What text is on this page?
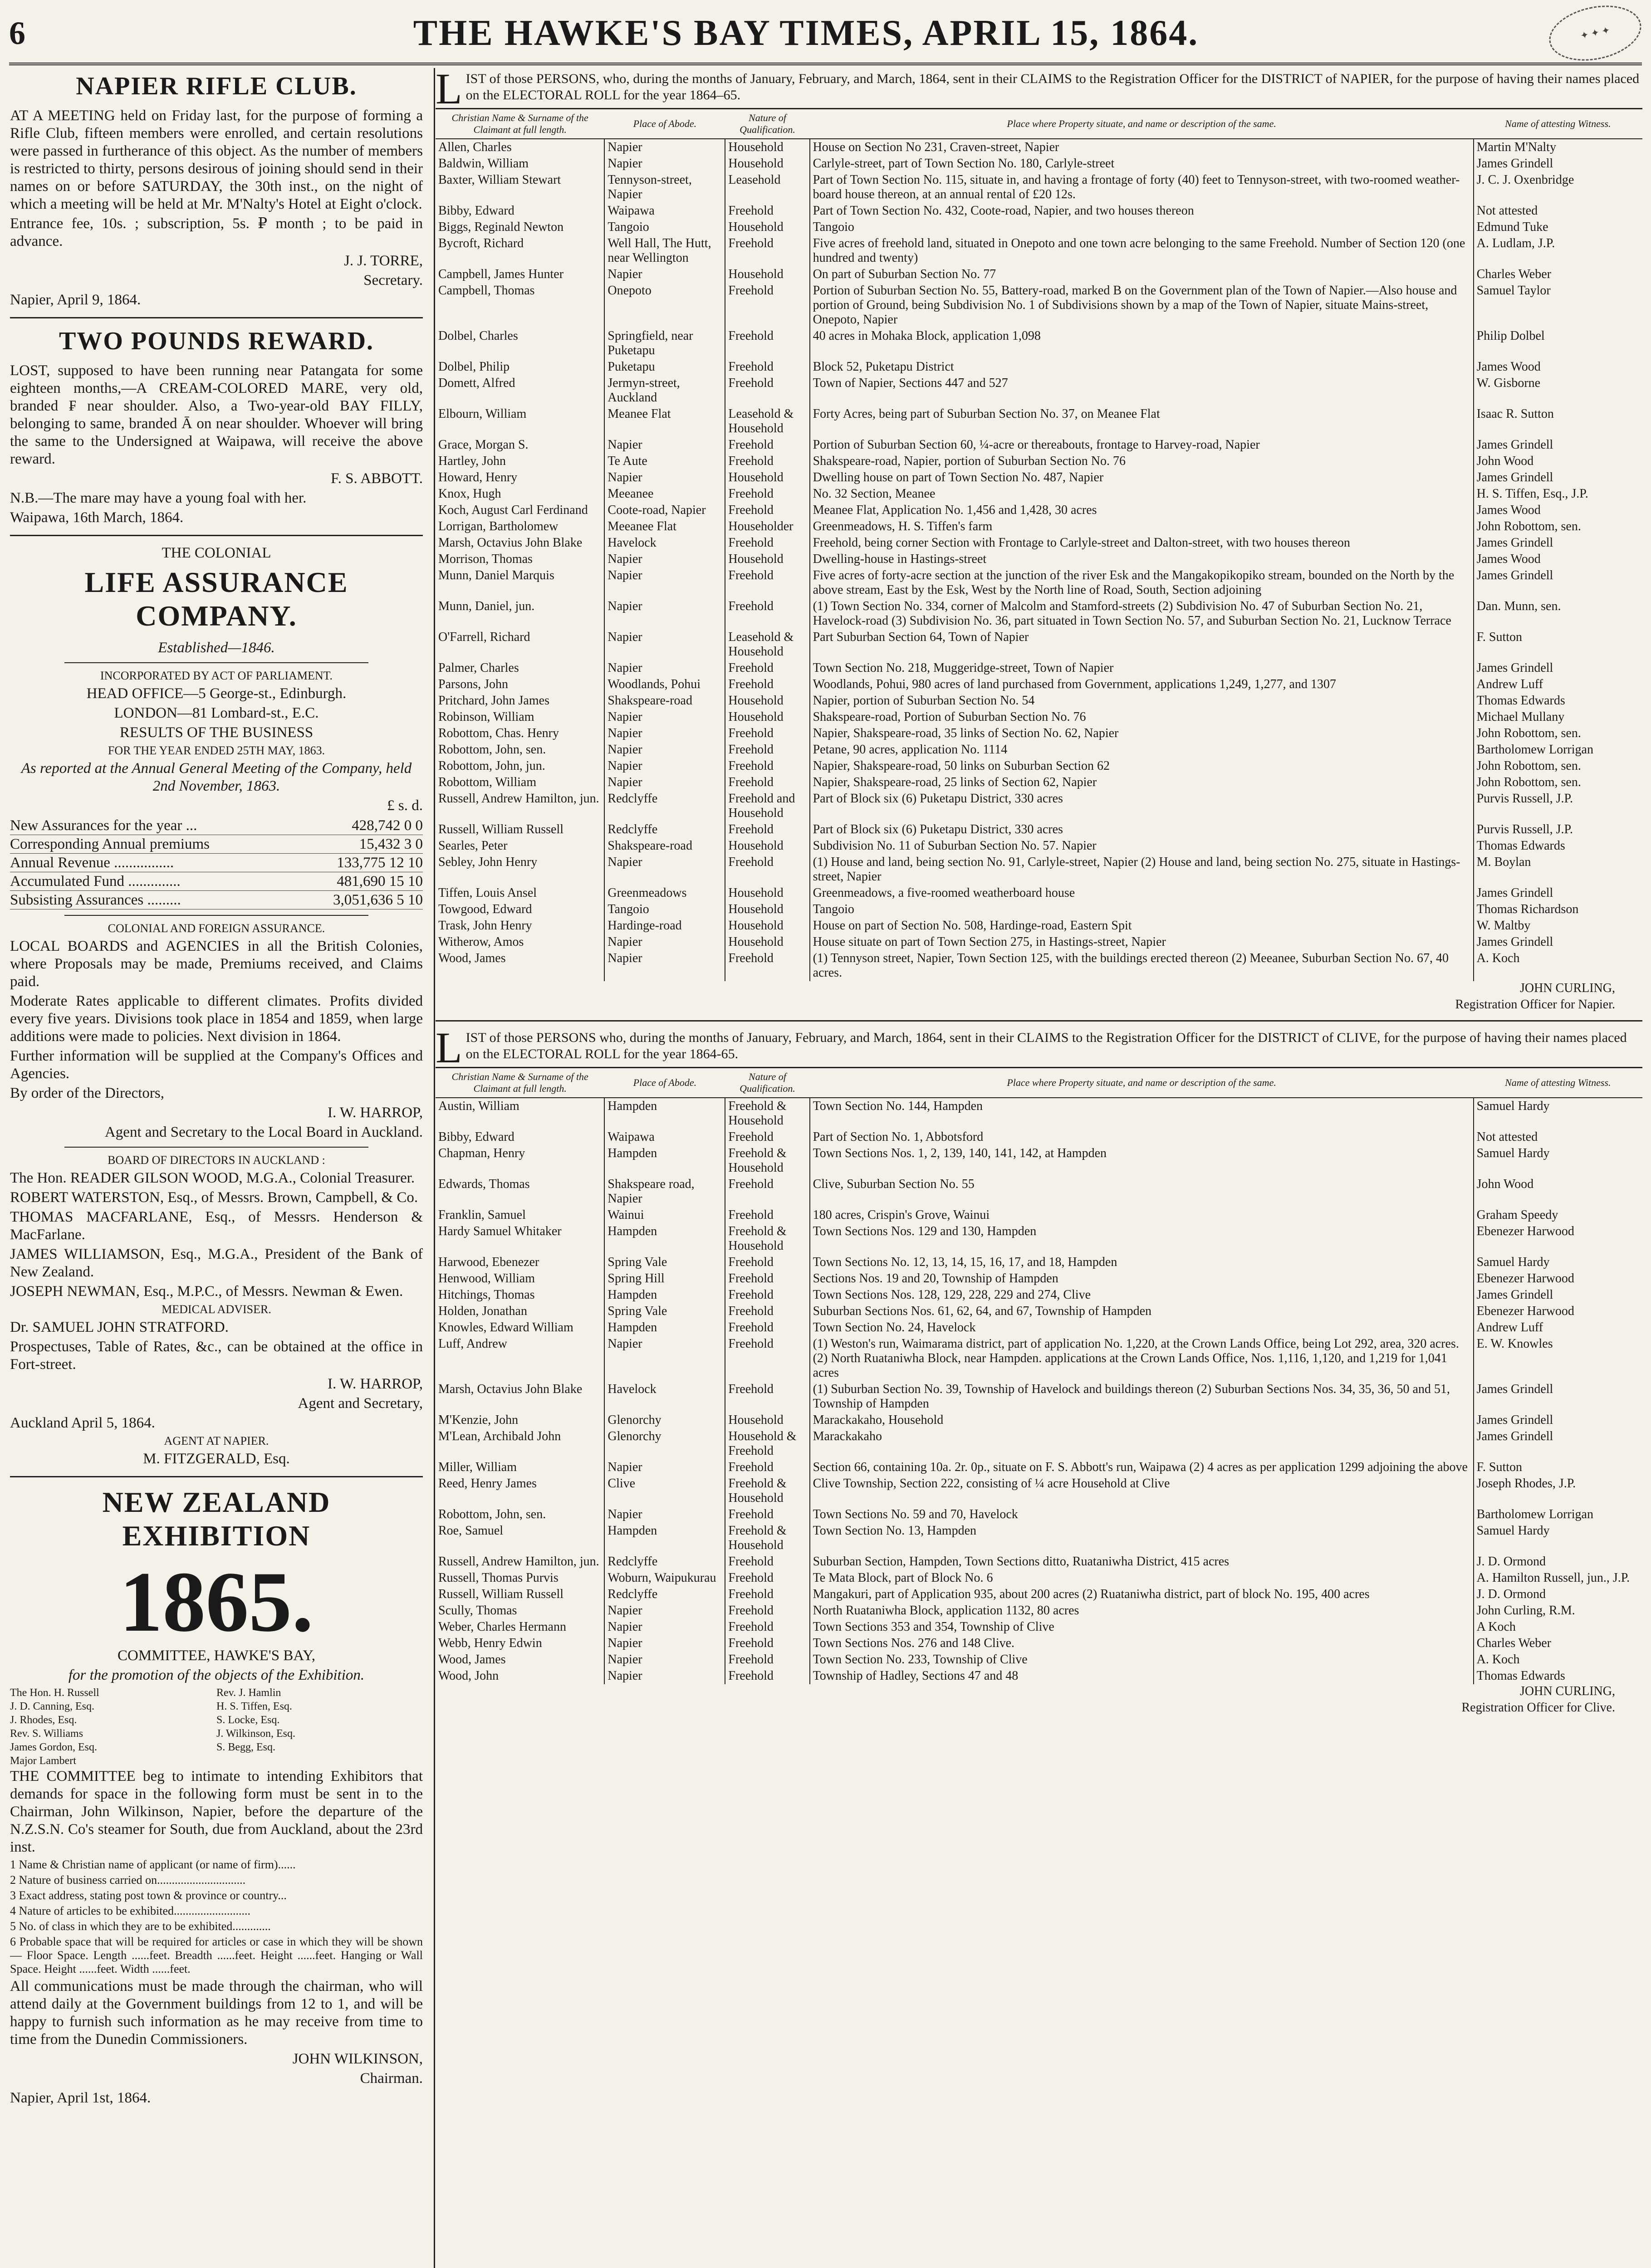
6	THE HAWKE'S BAY TIMES, APRIL 15, 1864.	✦ ✦ ✦
NAPIER RIFLE CLUB.

AT A MEETING held on Friday last, for the purpose of forming a Rifle Club, fifteen members were enrolled, and certain resolutions were passed in furtherance of this object. As the number of members is restricted to thirty, persons desirous of joining should send in their names on or before SATURDAY, the 30th inst., on the night of which a meeting will be held at Mr. M'Nalty's Hotel at Eight o'clock.

Entrance fee, 10s. ; subscription, 5s. ₽ month ; to be paid in advance.

J. J. TORRE,

Secretary.

Napier, April 9, 1864.

TWO POUNDS REWARD.

LOST, supposed to have been running near Patangata for some eighteen months,—A CREAM-COLORED MARE, very old, branded ₣ near shoulder. Also, a Two-year-old BAY FILLY, belonging to same, branded Ā on near shoulder. Whoever will bring the same to the Undersigned at Waipawa, will receive the above reward.

F. S. ABBOTT.

N.B.—The mare may have a young foal with her.

Waipawa, 16th March, 1864.

THE COLONIAL

LIFE ASSURANCE COMPANY.

Established—1846.

INCORPORATED BY ACT OF PARLIAMENT.

HEAD OFFICE—5 George-st., Edinburgh.

LONDON—81 Lombard-st., E.C.

RESULTS OF THE BUSINESS

FOR THE YEAR ENDED 25TH MAY, 1863.

As reported at the Annual General Meeting of the Company, held 2nd November, 1863.

£ s. d.

New Assurances for the year ...	428,742 0 0
Corresponding Annual premiums	15,432 3 0
Annual Revenue ................	133,775 12 10
Accumulated Fund ..............	481,690 15 10
Subsisting Assurances .........	3,051,636 5 10

COLONIAL AND FOREIGN ASSURANCE.

LOCAL BOARDS and AGENCIES in all the British Colonies, where Proposals may be made, Premiums received, and Claims paid.

Moderate Rates applicable to different climates. Profits divided every five years. Divisions took place in 1854 and 1859, when large additions were made to policies. Next division in 1864.

Further information will be supplied at the Company's Offices and Agencies.

By order of the Directors,

I. W. HARROP,

Agent and Secretary to the Local Board in Auckland.

BOARD OF DIRECTORS IN AUCKLAND :

The Hon. READER GILSON WOOD, M.G.A., Colonial Treasurer.

ROBERT WATERSTON, Esq., of Messrs. Brown, Campbell, & Co.

THOMAS MACFARLANE, Esq., of Messrs. Henderson & MacFarlane.

JAMES WILLIAMSON, Esq., M.G.A., President of the Bank of New Zealand.

JOSEPH NEWMAN, Esq., M.P.C., of Messrs. Newman & Ewen.

MEDICAL ADVISER.

Dr. SAMUEL JOHN STRATFORD.

Prospectuses, Table of Rates, &c., can be obtained at the office in Fort-street.

I. W. HARROP,

Agent and Secretary,

Auckland April 5, 1864.

AGENT AT NAPIER.

M. FITZGERALD, Esq.

NEW ZEALAND EXHIBITION
1865.

COMMITTEE, HAWKE'S BAY,

for the promotion of the objects of the Exhibition.

The Hon. H. Russell
J. D. Canning, Esq.
J. Rhodes, Esq.
Rev. S. Williams
James Gordon, Esq.
Major Lambert
Rev. J. Hamlin
H. S. Tiffen, Esq.
S. Locke, Esq.
J. Wilkinson, Esq.
S. Begg, Esq.

THE COMMITTEE beg to intimate to intending Exhibitors that demands for space in the following form must be sent in to the Chairman, John Wilkinson, Napier, before the departure of the N.Z.S.N. Co's steamer for South, due from Auckland, about the 23rd inst.

1 Name & Christian name of applicant (or name of firm)......

2 Nature of business carried on..............................

3 Exact address, stating post town & province or country...

4 Nature of articles to be exhibited..........................

5 No. of class in which they are to be exhibited.............

6 Probable space that will be required for articles or case in which they will be shown — Floor Space. Length ......feet. Breadth ......feet. Height ......feet. Hanging or Wall Space. Height ......feet. Width ......feet.

All communications must be made through the chairman, who will attend daily at the Government buildings from 12 to 1, and will be happy to furnish such information as he may receive from time to time from the Dunedin Commissioners.

JOHN WILKINSON,

Chairman.

Napier, April 1st, 1864.

LIST of those PERSONS, who, during the months of January, February, and March, 1864, sent in their CLAIMS to the Registration Officer for the DISTRICT of NAPIER, for the purpose of having their names placed on the ELECTORAL ROLL for the year 1864–65.
Christian Name & Surname of the Claimant at full length.	Place of Abode.	Nature of Qualification.	Place where Property situate, and name or description of the same.	Name of attesting Witness.
Allen, Charles	Napier	Household	House on Section No 231, Craven-street, Napier	Martin M'Nalty
Baldwin, William	Napier	Household	Carlyle-street, part of Town Section No. 180, Carlyle-street	James Grindell
Baxter, William Stewart	Tennyson-street, Napier	Leasehold	Part of Town Section No. 115, situate in, and having a frontage of forty (40) feet to Tennyson-street, with two-roomed weather-board house thereon, at an annual rental of £20 12s.	J. C. J. Oxenbridge
Bibby, Edward	Waipawa	Freehold	Part of Town Section No. 432, Coote-road, Napier, and two houses thereon	Not attested
Biggs, Reginald Newton	Tangoio	Household	Tangoio	Edmund Tuke
Bycroft, Richard	Well Hall, The Hutt, near Wellington	Freehold	Five acres of freehold land, situated in Onepoto and one town acre belonging to the same Freehold. Number of Section 120 (one hundred and twenty)	A. Ludlam, J.P.
Campbell, James Hunter	Napier	Household	On part of Suburban Section No. 77	Charles Weber
Campbell, Thomas	Onepoto	Freehold	Portion of Suburban Section No. 55, Battery-road, marked B on the Government plan of the Town of Napier.—Also house and portion of Ground, being Subdivision No. 1 of Subdivisions shown by a map of the Town of Napier, situate Mains-street, Onepoto, Napier	Samuel Taylor
Dolbel, Charles	Springfield, near Puketapu	Freehold	40 acres in Mohaka Block, application 1,098	Philip Dolbel
Dolbel, Philip	Puketapu	Freehold	Block 52, Puketapu District	James Wood
Domett, Alfred	Jermyn-street, Auckland	Freehold	Town of Napier, Sections 447 and 527	W. Gisborne
Elbourn, William	Meanee Flat	Leasehold & Household	Forty Acres, being part of Suburban Section No. 37, on Meanee Flat	Isaac R. Sutton
Grace, Morgan S.	Napier	Freehold	Portion of Suburban Section 60, ¼-acre or thereabouts, frontage to Harvey-road, Napier	James Grindell
Hartley, John	Te Aute	Freehold	Shakspeare-road, Napier, portion of Suburban Section No. 76	John Wood
Howard, Henry	Napier	Household	Dwelling house on part of Town Section No. 487, Napier	James Grindell
Knox, Hugh	Meeanee	Freehold	No. 32 Section, Meanee	H. S. Tiffen, Esq., J.P.
Koch, August Carl Ferdinand	Coote-road, Napier	Freehold	Meanee Flat, Application No. 1,456 and 1,428, 30 acres	James Wood
Lorrigan, Bartholomew	Meeanee Flat	Householder	Greenmeadows, H. S. Tiffen's farm	John Robottom, sen.
Marsh, Octavius John Blake	Havelock	Freehold	Freehold, being corner Section with Frontage to Carlyle-street and Dalton-street, with two houses thereon	James Grindell
Morrison, Thomas	Napier	Household	Dwelling-house in Hastings-street	James Wood
Munn, Daniel Marquis	Napier	Freehold	Five acres of forty-acre section at the junction of the river Esk and the Mangakopikopiko stream, bounded on the North by the above stream, East by the Esk, West by the North line of Road, South, Section adjoining	James Grindell
Munn, Daniel, jun.	Napier	Freehold	(1) Town Section No. 334, corner of Malcolm and Stamford-streets (2) Subdivision No. 47 of Suburban Section No. 21, Havelock-road (3) Subdivision No. 36, part situated in Town Section No. 57, and Suburban Section No. 21, Lucknow Terrace	Dan. Munn, sen.
O'Farrell, Richard	Napier	Leasehold & Household	Part Suburban Section 64, Town of Napier	F. Sutton
Palmer, Charles	Napier	Freehold	Town Section No. 218, Muggeridge-street, Town of Napier	James Grindell
Parsons, John	Woodlands, Pohui	Freehold	Woodlands, Pohui, 980 acres of land purchased from Government, applications 1,249, 1,277, and 1307	Andrew Luff
Pritchard, John James	Shakspeare-road	Household	Napier, portion of Suburban Section No. 54	Thomas Edwards
Robinson, William	Napier	Household	Shakspeare-road, Portion of Suburban Section No. 76	Michael Mullany
Robottom, Chas. Henry	Napier	Freehold	Napier, Shakspeare-road, 35 links of Section No. 62, Napier	John Robottom, sen.
Robottom, John, sen.	Napier	Freehold	Petane, 90 acres, application No. 1114	Bartholomew Lorrigan
Robottom, John, jun.	Napier	Freehold	Napier, Shakspeare-road, 50 links on Suburban Section 62	John Robottom, sen.
Robottom, William	Napier	Freehold	Napier, Shakspeare-road, 25 links of Section 62, Napier	John Robottom, sen.
Russell, Andrew Hamilton, jun.	Redclyffe	Freehold and Household	Part of Block six (6) Puketapu District, 330 acres	Purvis Russell, J.P.
Russell, William Russell	Redclyffe	Freehold	Part of Block six (6) Puketapu District, 330 acres	Purvis Russell, J.P.
Searles, Peter	Shakspeare-road	Household	Subdivision No. 11 of Suburban Section No. 57. Napier	Thomas Edwards
Sebley, John Henry	Napier	Freehold	(1) House and land, being section No. 91, Carlyle-street, Napier (2) House and land, being section No. 275, situate in Hastings-street, Napier	M. Boylan
Tiffen, Louis Ansel	Greenmeadows	Household	Greenmeadows, a five-roomed weatherboard house	James Grindell
Towgood, Edward	Tangoio	Household	Tangoio	Thomas Richardson
Trask, John Henry	Hardinge-road	Household	House on part of Section No. 508, Hardinge-road, Eastern Spit	W. Maltby
Witherow, Amos	Napier	Household	House situate on part of Town Section 275, in Hastings-street, Napier	James Grindell
Wood, James	Napier	Freehold	(1) Tennyson street, Napier, Town Section 125, with the buildings erected thereon (2) Meeanee, Suburban Section No. 67, 40 acres.	A. Koch

JOHN CURLING,

Registration Officer for Napier.

LIST of those PERSONS who, during the months of January, February, and March, 1864, sent in their CLAIMS to the Registration Officer for the DISTRICT of CLIVE, for the purpose of having their names placed on the ELECTORAL ROLL for the year 1864-65.
Christian Name & Surname of the Claimant at full length.	Place of Abode.	Nature of Qualification.	Place where Property situate, and name or description of the same.	Name of attesting Witness.
Austin, William	Hampden	Freehold & Household	Town Section No. 144, Hampden	Samuel Hardy
Bibby, Edward	Waipawa	Freehold	Part of Section No. 1, Abbotsford	Not attested
Chapman, Henry	Hampden	Freehold & Household	Town Sections Nos. 1, 2, 139, 140, 141, 142, at Hampden	Samuel Hardy
Edwards, Thomas	Shakspeare road, Napier	Freehold	Clive, Suburban Section No. 55	John Wood
Franklin, Samuel	Wainui	Freehold	180 acres, Crispin's Grove, Wainui	Graham Speedy
Hardy Samuel Whitaker	Hampden	Freehold & Household	Town Sections Nos. 129 and 130, Hampden	Ebenezer Harwood
Harwood, Ebenezer	Spring Vale	Freehold	Town Sections No. 12, 13, 14, 15, 16, 17, and 18, Hampden	Samuel Hardy
Henwood, William	Spring Hill	Freehold	Sections Nos. 19 and 20, Township of Hampden	Ebenezer Harwood
Hitchings, Thomas	Hampden	Freehold	Town Sections Nos. 128, 129, 228, 229 and 274, Clive	James Grindell
Holden, Jonathan	Spring Vale	Freehold	Suburban Sections Nos. 61, 62, 64, and 67, Township of Hampden	Ebenezer Harwood
Knowles, Edward William	Hampden	Freehold	Town Section No. 24, Havelock	Andrew Luff
Luff, Andrew	Napier	Freehold	(1) Weston's run, Waimarama district, part of application No. 1,220, at the Crown Lands Office, being Lot 292, area, 320 acres. (2) North Ruataniwha Block, near Hampden. applications at the Crown Lands Office, Nos. 1,116, 1,120, and 1,219 for 1,041 acres	E. W. Knowles
Marsh, Octavius John Blake	Havelock	Freehold	(1) Suburban Section No. 39, Township of Havelock and buildings thereon (2) Suburban Sections Nos. 34, 35, 36, 50 and 51, Township of Hampden	James Grindell
M'Kenzie, John	Glenorchy	Household	Marackakaho, Household	James Grindell
M'Lean, Archibald John	Glenorchy	Household & Freehold	Marackakaho	James Grindell
Miller, William	Napier	Freehold	Section 66, containing 10a. 2r. 0p., situate on F. S. Abbott's run, Waipawa (2) 4 acres as per application 1299 adjoining the above	F. Sutton
Reed, Henry James	Clive	Freehold & Household	Clive Township, Section 222, consisting of ¼ acre Household at Clive	Joseph Rhodes, J.P.
Robottom, John, sen.	Napier	Freehold	Town Sections No. 59 and 70, Havelock	Bartholomew Lorrigan
Roe, Samuel	Hampden	Freehold & Household	Town Section No. 13, Hampden	Samuel Hardy
Russell, Andrew Hamilton, jun.	Redclyffe	Freehold	Suburban Section, Hampden, Town Sections ditto, Ruataniwha District, 415 acres	J. D. Ormond
Russell, Thomas Purvis	Woburn, Waipukurau	Freehold	Te Mata Block, part of Block No. 6	A. Hamilton Russell, jun., J.P.
Russell, William Russell	Redclyffe	Freehold	Mangakuri, part of Application 935, about 200 acres (2) Ruataniwha district, part of block No. 195, 400 acres	J. D. Ormond
Scully, Thomas	Napier	Freehold	North Ruataniwha Block, application 1132, 80 acres	John Curling, R.M.
Weber, Charles Hermann	Napier	Freehold	Town Sections 353 and 354, Township of Clive	A Koch
Webb, Henry Edwin	Napier	Freehold	Town Sections Nos. 276 and 148 Clive.	Charles Weber
Wood, James	Napier	Freehold	Town Section No. 233, Township of Clive	A. Koch
Wood, John	Napier	Freehold	Township of Hadley, Sections 47 and 48	Thomas Edwards

JOHN CURLING,

Registration Officer for Clive.
